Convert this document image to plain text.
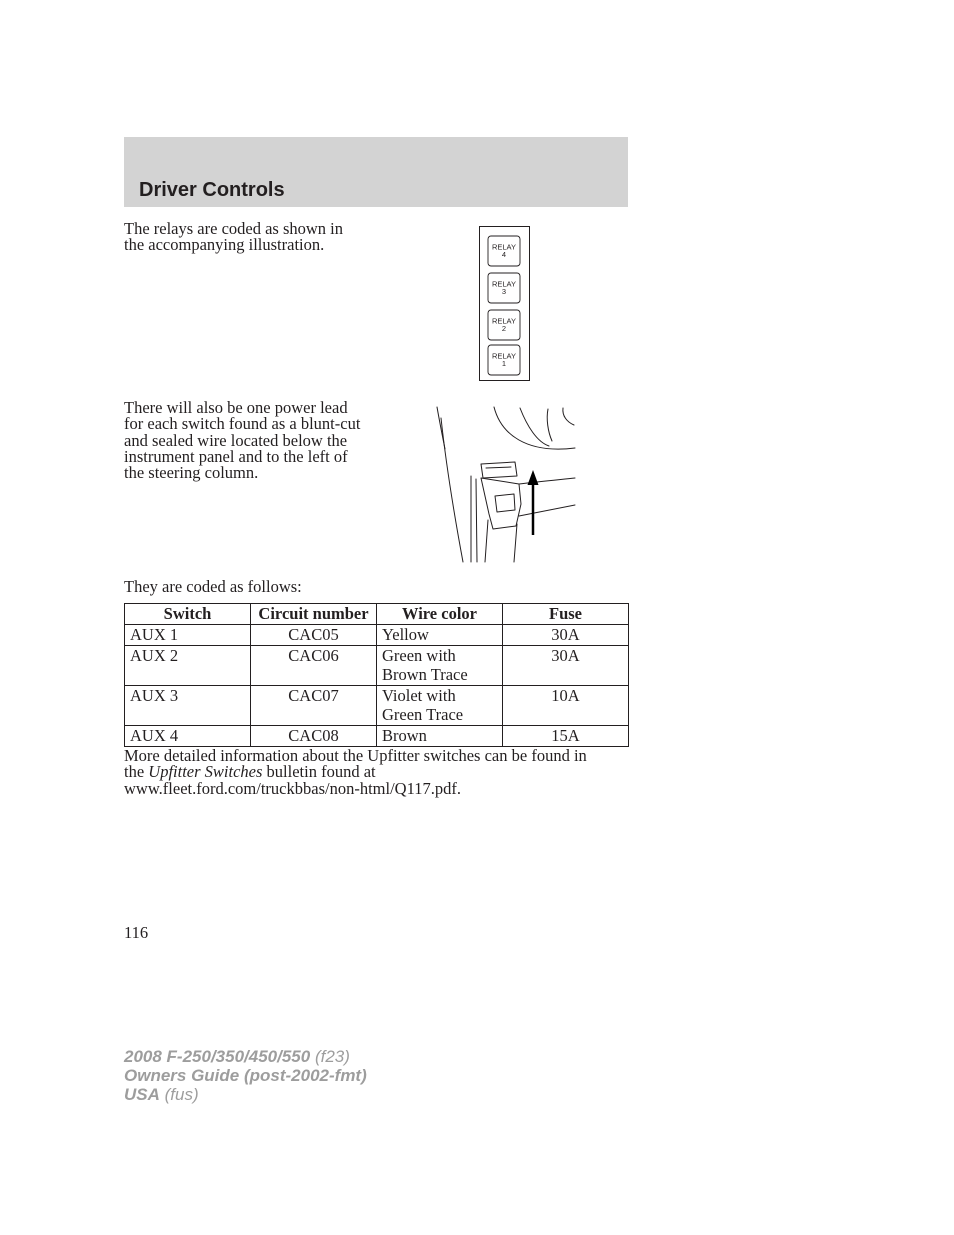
Driver Controls

The relays are coded as shown in
the accompanying illustration.	RELAY
4
RELAY
3
RELAY
2
RELAY
1

There will also be one power lead
for each switch found as a blunt-cut
and sealed wire located below the
instrument panel and to the left of
the steering column.

They are coded as follows:

Switch	Circuit number	Wire color	Fuse
AUX 1	CAC05	Yellow	30A
AUX 2	CAC06	Green with
Brown Trace	30A
AUX 3	CAC07	Violet with
Green Trace	10A
AUX 4	CAC08	Brown	15A

More detailed information about the Upfitter switches can be found in
the Upfitter Switches bulletin found at
www.fleet.ford.com/truckbbas/non-html/Q117.pdf.

116

2008 F-250/350/450/550 (f23)
Owners Guide (post-2002-fmt)
USA (fus)
